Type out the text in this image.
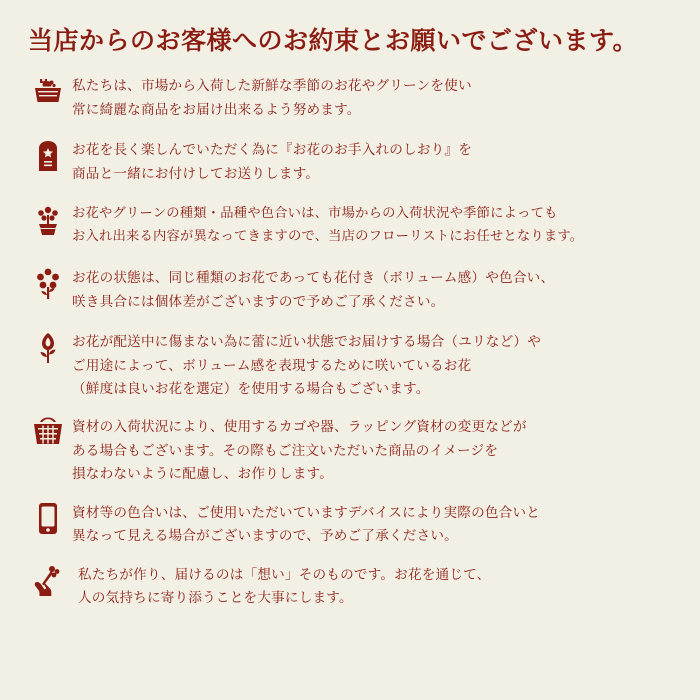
当店からのお客様へのお約束とお願いでございます。
私たちは、市場から入荷した新鮮な季節のお花やグリーンを使い
常に綺麗な商品をお届け出来るよう努めます。
お花を長く楽しんでいただく為に『お花のお手入れのしおり』を
商品と一緒にお付けしてお送りします。
お花やグリーンの種類・品種や色合いは、市場からの入荷状況や季節によっても
お入れ出来る内容が異なってきますので、当店のフローリストにお任せとなります。
お花の状態は、同じ種類のお花であっても花付き（ボリューム感）や色合い、
咲き具合には個体差がございますので予めご了承ください。
お花が配送中に傷まない為に蕾に近い状態でお届けする場合（ユリなど）や
ご用途によって、ボリューム感を表現するために咲いているお花
（鮮度は良いお花を選定）を使用する場合もございます。
資材の入荷状況により、使用するカゴや器、ラッピング資材の変更などが
ある場合もございます。その際もご注文いただいた商品のイメージを
損なわないように配慮し、お作りします。
資材等の色合いは、ご使用いただいていますデバイスにより実際の色合いと
異なって見える場合がございますので、予めご了承ください。
私たちが作り、届けるのは「想い」そのものです。お花を通じて、
人の気持ちに寄り添うことを大事にします。
